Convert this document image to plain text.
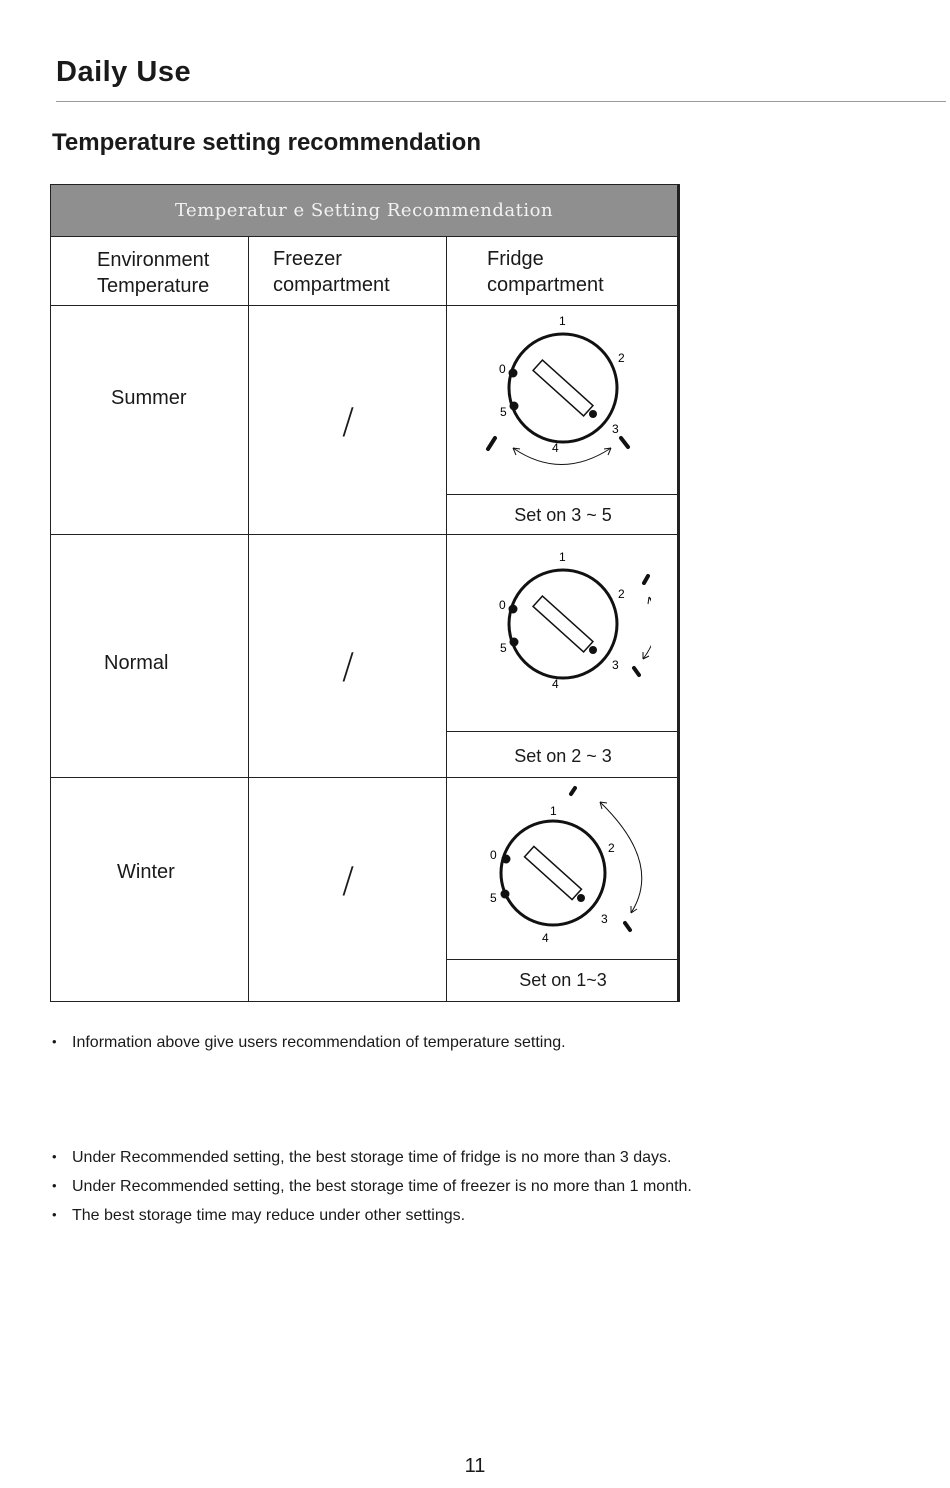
Daily Use
Temperature setting recommendation
Temperatur e Setting Recommendation
Environment
Temperature
Freezer
compartment
Fridge
compartment
Summer
/
Set on 3 ~ 5
1
2
3
4
5
0
Normal	/
Set on 2 ~ 3
1
2
3
4
5
0
Winter	/
Set on 1~3
1
2
3
4
5
0
• Information above give users recommendation of temperature setting.
• Under Recommended setting, the best storage time of fridge is no more than 3 days.
• Under Recommended setting, the best storage time of freezer is no more than 1 month.
• The best storage time may reduce under other settings.
11
